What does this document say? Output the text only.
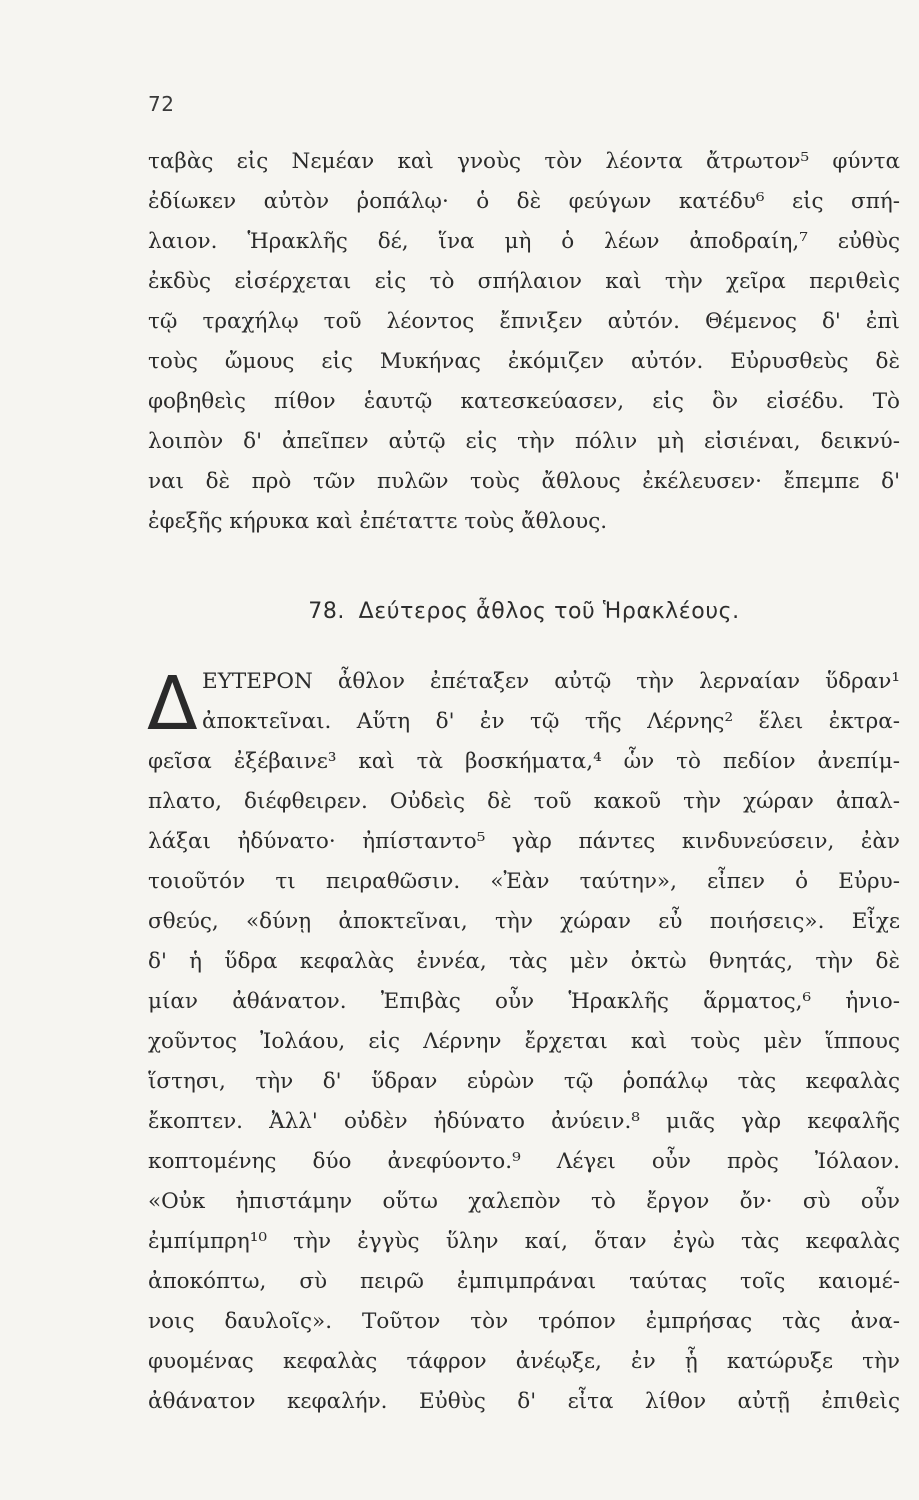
72
ταβὰς εἰς Νεμέαν καὶ γνοὺς τὸν λέοντα ἄτρωτον⁵ φύντα
ἐδίωκεν αὐτὸν ῥοπάλῳ· ὁ δὲ φεύγων κατέδυ⁶ εἰς σπή-
λαιον. Ἡρακλῆς δέ, ἵνα μὴ ὁ λέων ἀποδραίη,⁷ εὐθὺς
ἐκδὺς εἰσέρχεται εἰς τὸ σπήλαιον καὶ τὴν χεῖρα περιθεὶς
τῷ τραχήλῳ τοῦ λέοντος ἔπνιξεν αὐτόν. Θέμενος δ' ἐπὶ
τοὺς ὤμους εἰς Μυκήνας ἐκόμιζεν αὐτόν. Εὐρυσθεὺς δὲ
φοβηθεὶς πίθον ἑαυτῷ κατεσκεύασεν, εἰς ὃν εἰσέδυ. Τὸ
λοιπὸν δ' ἀπεῖπεν αὐτῷ εἰς τὴν πόλιν μὴ εἰσιέναι, δεικνύ-
ναι δὲ πρὸ τῶν πυλῶν τοὺς ἄθλους ἐκέλευσεν· ἔπεμπε δ'
ἐφεξῆς κήρυκα καὶ ἐπέταττε τοὺς ἄθλους.
78. Δεύτερος ἆθλος τοῦ Ἡρακλέους.
Δ ΕΥΤΕΡΟΝ ἆθλον ἐπέταξεν αὐτῷ τὴν λερναίαν ὕδραν¹
ἀποκτεῖναι. Αὕτη δ' ἐν τῷ τῆς Λέρνης² ἕλει ἐκτρα-
φεῖσα ἐξέβαινε³ καὶ τὰ βοσκήματα,⁴ ὧν τὸ πεδίον ἀνεπίμ-
πλατο, διέφθειρεν. Οὐδεὶς δὲ τοῦ κακοῦ τὴν χώραν ἀπαλ-
λάξαι ἠδύνατο· ἠπίσταντο⁵ γὰρ πάντες κινδυνεύσειν, ἐὰν
τοιοῦτόν τι πειραθῶσιν. «Ἐὰν ταύτην», εἶπεν ὁ Εὐρυ-
σθεύς, «δύνῃ ἀποκτεῖναι, τὴν χώραν εὖ ποιήσεις». Εἶχε
δ' ἡ ὕδρα κεφαλὰς ἐννέα, τὰς μὲν ὀκτὼ θνητάς, τὴν δὲ
μίαν ἀθάνατον. Ἐπιβὰς οὖν Ἡρακλῆς ἅρματος,⁶ ἡνιο-
χοῦντος Ἰολάου, εἰς Λέρνην ἔρχεται καὶ τοὺς μὲν ἵππους
ἵστησι, τὴν δ' ὕδραν εὑρὼν τῷ ῥοπάλῳ τὰς κεφαλὰς
ἔκοπτεν. Ἀλλ' οὐδὲν ἠδύνατο ἀνύειν.⁸ μιᾶς γὰρ κεφαλῆς
κοπτομένης δύο ἀνεφύοντο.⁹ Λέγει οὖν πρὸς Ἰόλαον.
«Οὐκ ἠπιστάμην οὕτω χαλεπὸν τὸ ἔργον ὄν· σὺ οὖν
ἐμπίμπρη¹⁰ τὴν ἐγγὺς ὕλην καί, ὅταν ἐγὼ τὰς κεφαλὰς
ἀποκόπτω, σὺ πειρῶ ἐμπιμπράναι ταύτας τοῖς καιομέ-
νοις δαυλοῖς». Τοῦτον τὸν τρόπον ἐμπρήσας τὰς ἀνα-
φυομένας κεφαλὰς τάφρον ἀνέῳξε, ἐν ᾗ κατώρυξε τὴν
ἀθάνατον κεφαλήν. Εὐθὺς δ' εἶτα λίθον αὐτῇ ἐπιθεὶς
